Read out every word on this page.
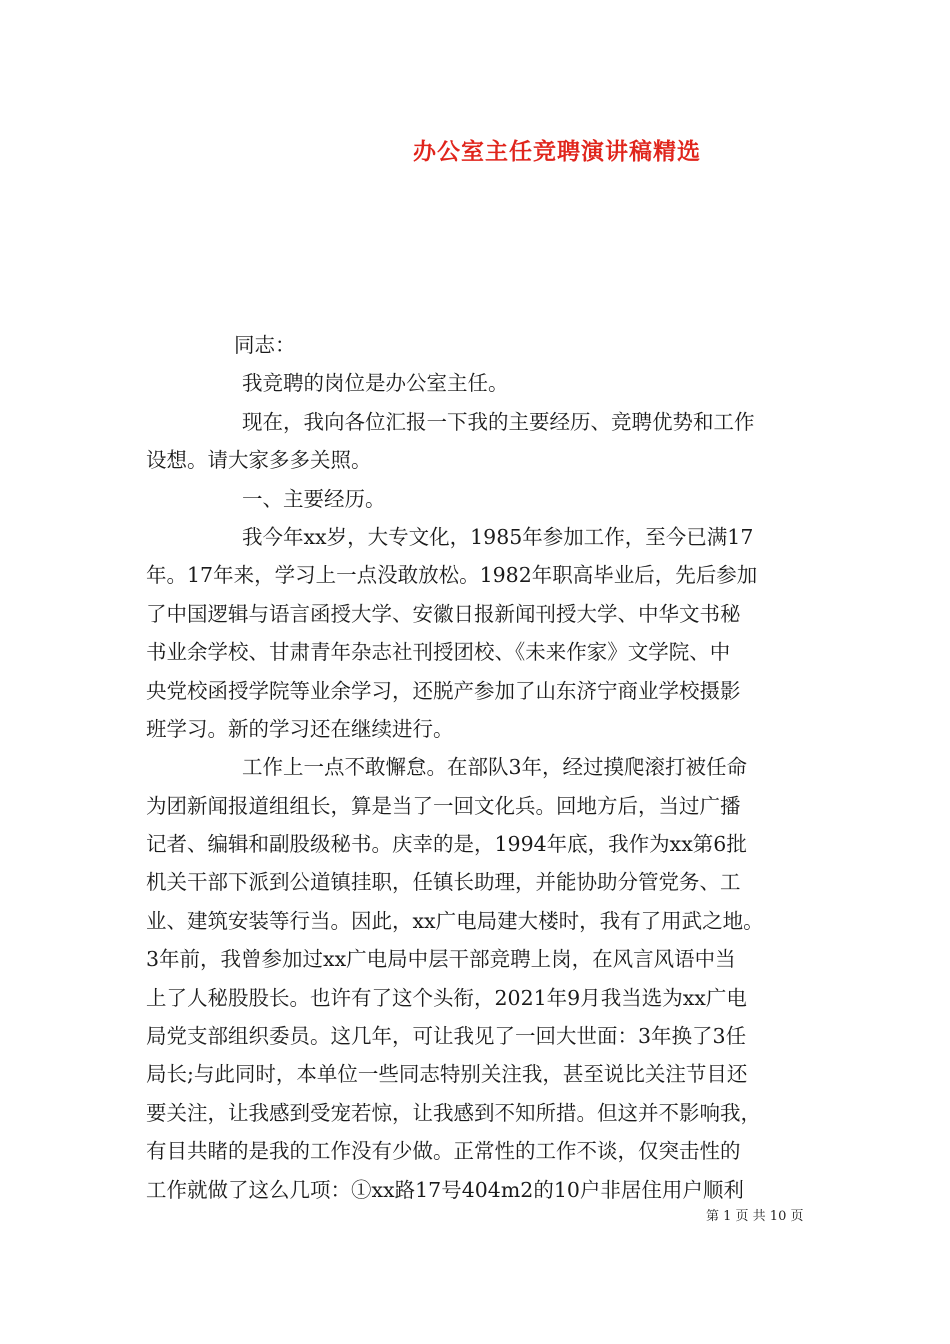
办公室主任竞聘演讲稿精选
同志：
我竞聘的岗位是办公室主任。
现在，我向各位汇报一下我的主要经历、竞聘优势和工作
设想。请大家多多关照。
一、主要经历。
我今年xx岁，大专文化，1985年参加工作，至今已满17
年。17年来，学习上一点没敢放松。1982年职高毕业后，先后参加
了中国逻辑与语言函授大学、安徽日报新闻刊授大学、中华文书秘
书业余学校、甘肃青年杂志社刊授团校、《未来作家》文学院、中
央党校函授学院等业余学习，还脱产参加了山东济宁商业学校摄影
班学习。新的学习还在继续进行。
工作上一点不敢懈怠。在部队3年，经过摸爬滚打被任命
为团新闻报道组组长，算是当了一回文化兵。回地方后，当过广播
记者、编辑和副股级秘书。庆幸的是，1994年底，我作为xx第6批
机关干部下派到公道镇挂职，任镇长助理，并能协助分管党务、工
业、建筑安装等行当。因此，xx广电局建大楼时，我有了用武之地。
3年前，我曾参加过xx广电局中层干部竞聘上岗，在风言风语中当
上了人秘股股长。也许有了这个头衔，2021年9月我当选为xx广电
局党支部组织委员。这几年，可让我见了一回大世面：3年换了3任
局长;与此同时，本单位一些同志特别关注我，甚至说比关注节目还
要关注，让我感到受宠若惊，让我感到不知所措。但这并不影响我，
有目共睹的是我的工作没有少做。正常性的工作不谈，仅突击性的
工作就做了这么几项：①xx路17号404m2的10户非居住用户顺利
第 1 页 共 10 页
